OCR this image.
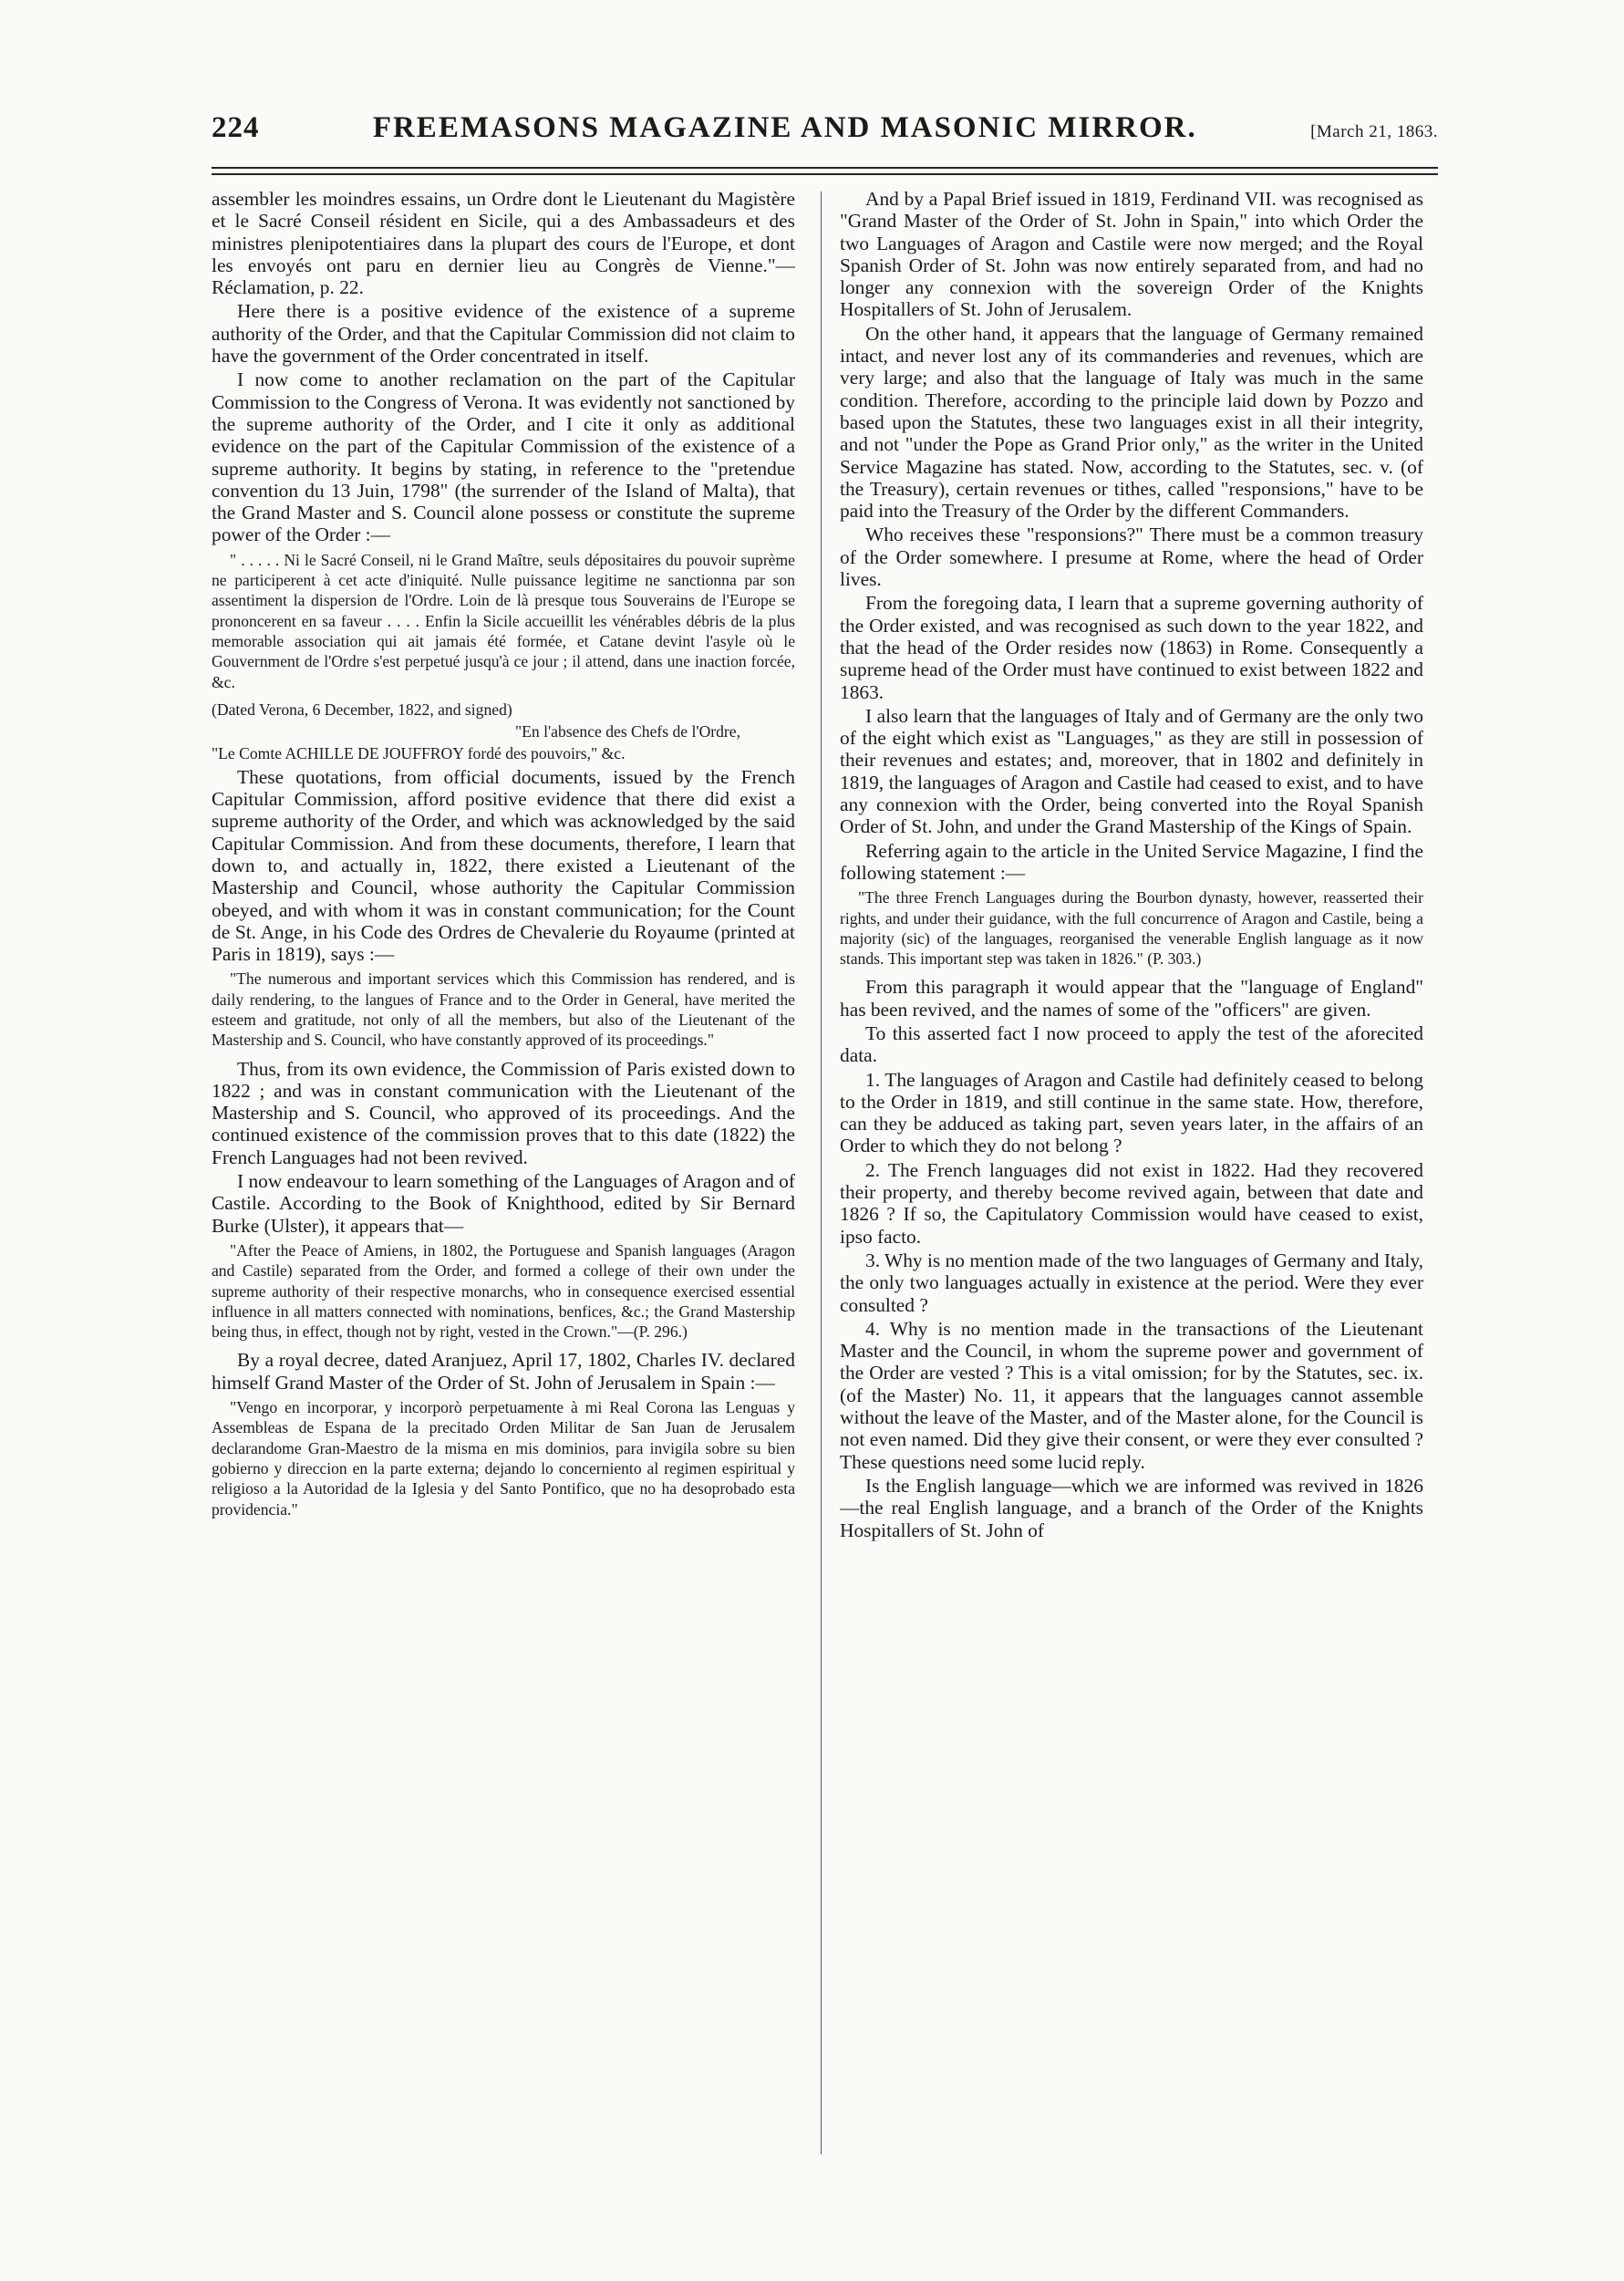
224	FREEMASONS MAGAZINE AND MASONIC MIRROR.	[March 21, 1863.

assembler les moindres essains, un Ordre dont le Lieutenant du Magistère et le Sacré Conseil résident en Sicile, qui a des Ambassadeurs et des ministres plenipotentiaires dans la plupart des cours de l'Europe, et dont les envoyés ont paru en dernier lieu au Congrès de Vienne."—Réclamation, p. 22.

Here there is a positive evidence of the existence of a supreme authority of the Order, and that the Capitular Commission did not claim to have the government of the Order concentrated in itself.

I now come to another reclamation on the part of the Capitular Commission to the Congress of Verona. It was evidently not sanctioned by the supreme authority of the Order, and I cite it only as additional evidence on the part of the Capitular Commission of the existence of a supreme authority. It begins by stating, in reference to the "pretendue convention du 13 Juin, 1798" (the surrender of the Island of Malta), that the Grand Master and S. Council alone possess or constitute the supreme power of the Order :—

" . . . . . Ni le Sacré Conseil, ni le Grand Maître, seuls dépositaires du pouvoir suprème ne participerent à cet acte d'iniquité. Nulle puissance legitime ne sanctionna par son assentiment la dispersion de l'Ordre. Loin de là presque tous Souverains de l'Europe se prononcerent en sa faveur . . . . Enfin la Sicile accueillit les vénérables débris de la plus memorable association qui ait jamais été formée, et Catane devint l'asyle où le Gouvernment de l'Ordre s'est perpetué jusqu'à ce jour ; il attend, dans une inaction forcée, &c.

(Dated Verona, 6 December, 1822, and signed)

"En l'absence des Chefs de l'Ordre,

"Le Comte ACHILLE DE JOUFFROY fordé des pouvoirs," &c.

These quotations, from official documents, issued by the French Capitular Commission, afford positive evidence that there did exist a supreme authority of the Order, and which was acknowledged by the said Capitular Commission. And from these documents, therefore, I learn that down to, and actually in, 1822, there existed a Lieutenant of the Mastership and Council, whose authority the Capitular Commission obeyed, and with whom it was in constant communication; for the Count de St. Ange, in his Code des Ordres de Chevalerie du Royaume (printed at Paris in 1819), says :—

"The numerous and important services which this Commission has rendered, and is daily rendering, to the langues of France and to the Order in General, have merited the esteem and gratitude, not only of all the members, but also of the Lieutenant of the Mastership and S. Council, who have constantly approved of its proceedings."

Thus, from its own evidence, the Commission of Paris existed down to 1822 ; and was in constant communication with the Lieutenant of the Mastership and S. Council, who approved of its proceedings. And the continued existence of the commission proves that to this date (1822) the French Languages had not been revived.

I now endeavour to learn something of the Languages of Aragon and of Castile. According to the Book of Knighthood, edited by Sir Bernard Burke (Ulster), it appears that—

"After the Peace of Amiens, in 1802, the Portuguese and Spanish languages (Aragon and Castile) separated from the Order, and formed a college of their own under the supreme authority of their respective monarchs, who in consequence exercised essential influence in all matters connected with nominations, benfices, &c.; the Grand Mastership being thus, in effect, though not by right, vested in the Crown."—(P. 296.)

By a royal decree, dated Aranjuez, April 17, 1802, Charles IV. declared himself Grand Master of the Order of St. John of Jerusalem in Spain :—

"Vengo en incorporar, y incorporò perpetuamente à mi Real Corona las Lenguas y Assembleas de Espana de la precitado Orden Militar de San Juan de Jerusalem declarandome Gran-Maestro de la misma en mis dominios, para invigila sobre su bien gobierno y direccion en la parte externa; dejando lo concerniento al regimen espiritual y religioso a la Autoridad de la Iglesia y del Santo Pontifico, que no ha desoprobado esta providencia."

And by a Papal Brief issued in 1819, Ferdinand VII. was recognised as "Grand Master of the Order of St. John in Spain," into which Order the two Languages of Aragon and Castile were now merged; and the Royal Spanish Order of St. John was now entirely separated from, and had no longer any connexion with the sovereign Order of the Knights Hospitallers of St. John of Jerusalem.

On the other hand, it appears that the language of Germany remained intact, and never lost any of its commanderies and revenues, which are very large; and also that the language of Italy was much in the same condition. Therefore, according to the principle laid down by Pozzo and based upon the Statutes, these two languages exist in all their integrity, and not "under the Pope as Grand Prior only," as the writer in the United Service Magazine has stated. Now, according to the Statutes, sec. v. (of the Treasury), certain revenues or tithes, called "responsions," have to be paid into the Treasury of the Order by the different Commanders.

Who receives these "responsions?" There must be a common treasury of the Order somewhere. I presume at Rome, where the head of Order lives.

From the foregoing data, I learn that a supreme governing authority of the Order existed, and was recognised as such down to the year 1822, and that the head of the Order resides now (1863) in Rome. Consequently a supreme head of the Order must have continued to exist between 1822 and 1863.

I also learn that the languages of Italy and of Germany are the only two of the eight which exist as "Languages," as they are still in possession of their revenues and estates; and, moreover, that in 1802 and definitely in 1819, the languages of Aragon and Castile had ceased to exist, and to have any connexion with the Order, being converted into the Royal Spanish Order of St. John, and under the Grand Mastership of the Kings of Spain.

Referring again to the article in the United Service Magazine, I find the following statement :—

"The three French Languages during the Bourbon dynasty, however, reasserted their rights, and under their guidance, with the full concurrence of Aragon and Castile, being a majority (sic) of the languages, reorganised the venerable English language as it now stands. This important step was taken in 1826." (P. 303.)

From this paragraph it would appear that the "language of England" has been revived, and the names of some of the "officers" are given.

To this asserted fact I now proceed to apply the test of the aforecited data.

1. The languages of Aragon and Castile had definitely ceased to belong to the Order in 1819, and still continue in the same state. How, therefore, can they be adduced as taking part, seven years later, in the affairs of an Order to which they do not belong ?

2. The French languages did not exist in 1822. Had they recovered their property, and thereby become revived again, between that date and 1826 ? If so, the Capitulatory Commission would have ceased to exist, ipso facto.

3. Why is no mention made of the two languages of Germany and Italy, the only two languages actually in existence at the period. Were they ever consulted ?

4. Why is no mention made in the transactions of the Lieutenant Master and the Council, in whom the supreme power and government of the Order are vested ? This is a vital omission; for by the Statutes, sec. ix. (of the Master) No. 11, it appears that the languages cannot assemble without the leave of the Master, and of the Master alone, for the Council is not even named. Did they give their consent, or were they ever consulted ? These questions need some lucid reply.

Is the English language—which we are informed was revived in 1826—the real English language, and a branch of the Order of the Knights Hospitallers of St. John of
